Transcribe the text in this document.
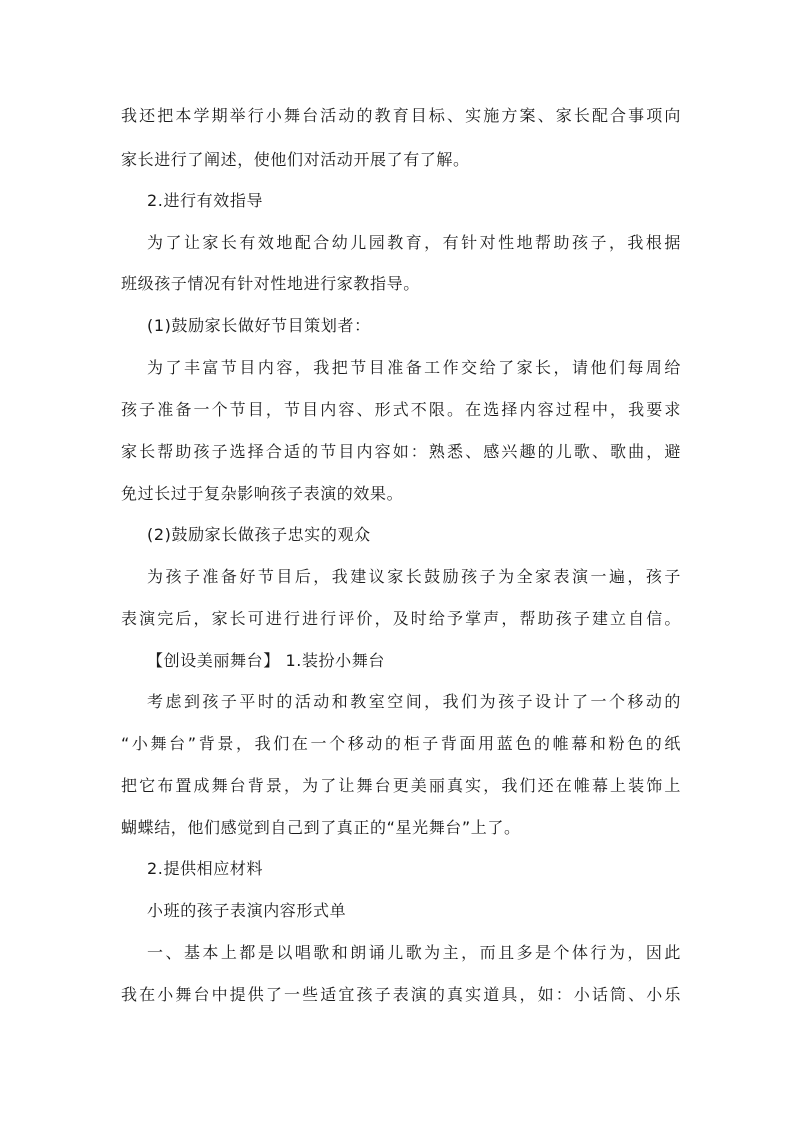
我还把本学期举行小舞台活动的教育目标、实施方案、家长配合事项向

家长进行了阐述，使他们对活动开展了有了解。

2.进行有效指导

为了让家长有效地配合幼儿园教育，有针对性地帮助孩子，我根据

班级孩子情况有针对性地进行家教指导。

(1)鼓励家长做好节目策划者：

为了丰富节目内容，我把节目准备工作交给了家长，请他们每周给

孩子准备一个节目，节目内容、形式不限。在选择内容过程中，我要求

家长帮助孩子选择合适的节目内容如：熟悉、感兴趣的儿歌、歌曲，避

免过长过于复杂影响孩子表演的效果。

(2)鼓励家长做孩子忠实的观众

为孩子准备好节目后，我建议家长鼓励孩子为全家表演一遍，孩子

表演完后，家长可进行进行评价，及时给予掌声，帮助孩子建立自信。

【创设美丽舞台】 1.装扮小舞台

考虑到孩子平时的活动和教室空间，我们为孩子设计了一个移动的

“小舞台”背景，我们在一个移动的柜子背面用蓝色的帷幕和粉色的纸

把它布置成舞台背景，为了让舞台更美丽真实，我们还在帷幕上装饰上

蝴蝶结，他们感觉到自己到了真正的“星光舞台”上了。

2.提供相应材料

小班的孩子表演内容形式单

一、基本上都是以唱歌和朗诵儿歌为主，而且多是个体行为，因此

我在小舞台中提供了一些适宜孩子表演的真实道具，如：小话筒、小乐
